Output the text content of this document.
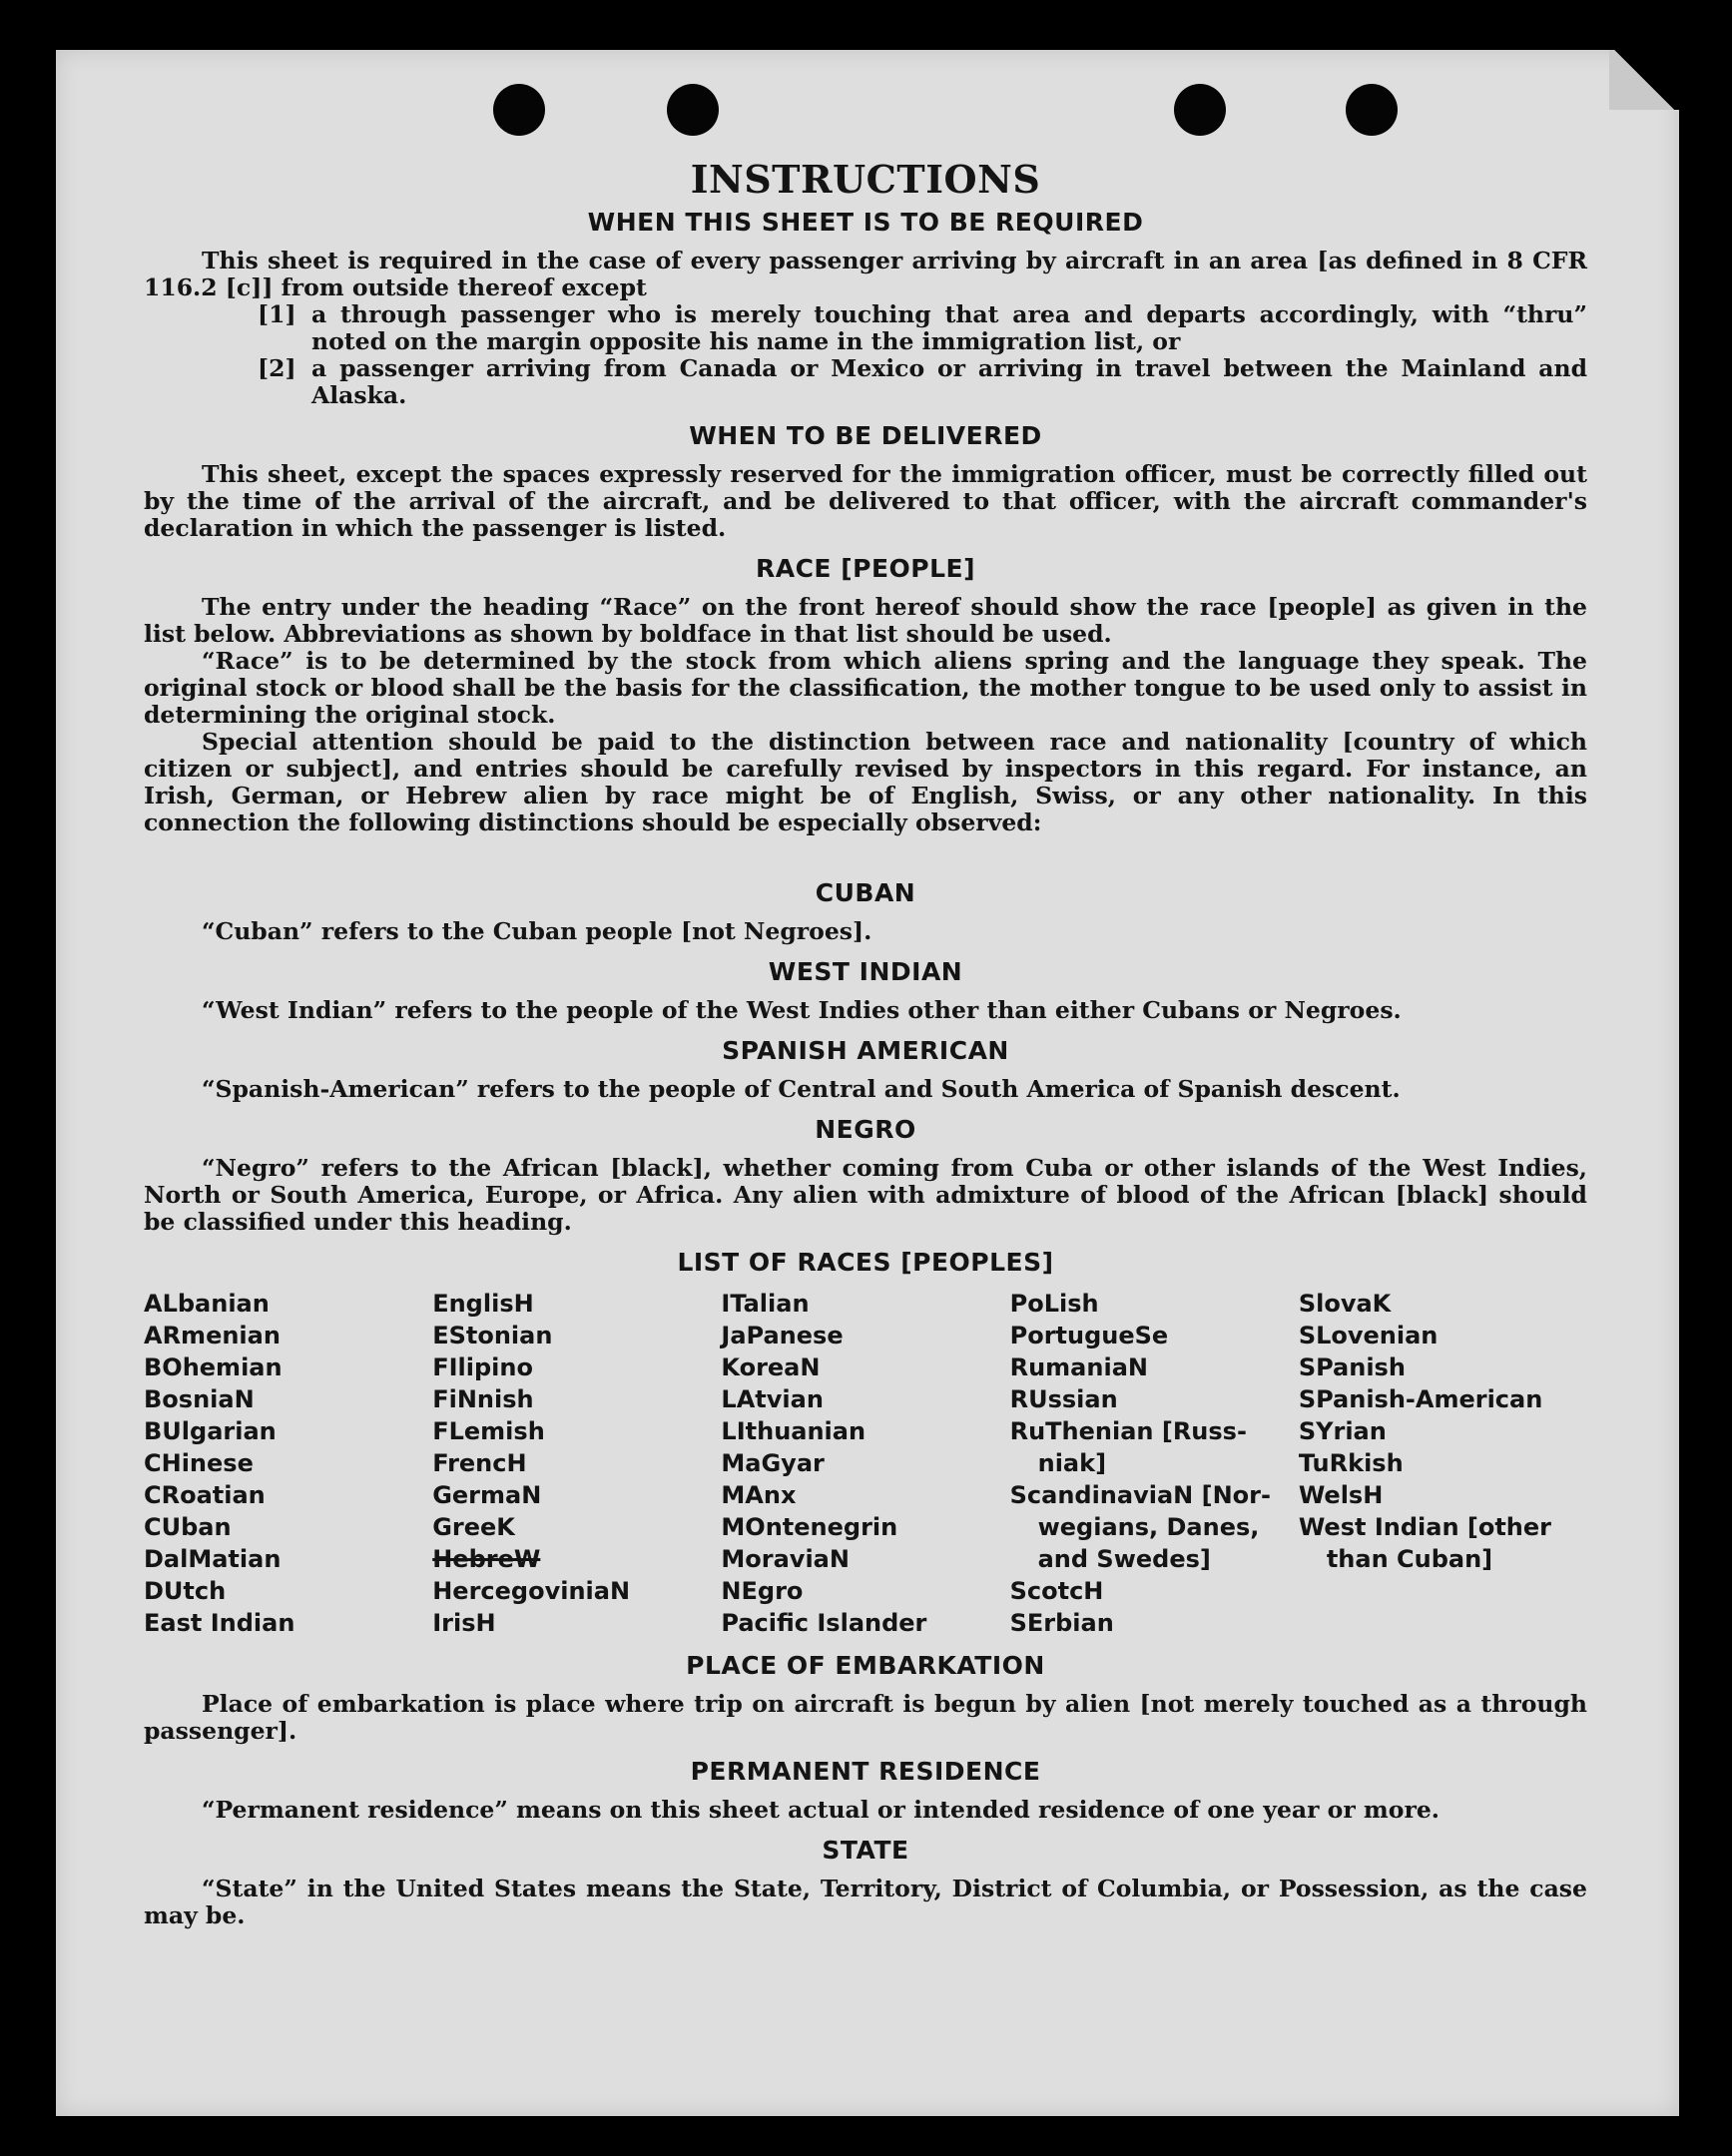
INSTRUCTIONS
WHEN THIS SHEET IS TO BE REQUIRED

This sheet is required in the case of every passenger arriving by aircraft in an area [as defined in 8 CFR 116.2 [c]] from outside thereof except

[1] a through passenger who is merely touching that area and departs accordingly, with “thru” noted on the margin opposite his name in the immigration list, or
[2] a passenger arriving from Canada or Mexico or arriving in travel between the Mainland and Alaska.
WHEN TO BE DELIVERED

This sheet, except the spaces expressly reserved for the immigration officer, must be correctly filled out by the time of the arrival of the aircraft, and be delivered to that officer, with the aircraft commander's declaration in which the passenger is listed.

RACE [PEOPLE]

The entry under the heading “Race” on the front hereof should show the race [people] as given in the list below. Abbreviations as shown by boldface in that list should be used.

“Race” is to be determined by the stock from which aliens spring and the language they speak. The original stock or blood shall be the basis for the classification, the mother tongue to be used only to assist in determining the original stock.

Special attention should be paid to the distinction between race and nationality [country of which citizen or subject], and entries should be carefully revised by inspectors in this regard. For instance, an Irish, German, or Hebrew alien by race might be of English, Swiss, or any other nationality. In this connection the following distinctions should be especially observed:

CUBAN

“Cuban” refers to the Cuban people [not Negroes].

WEST INDIAN

“West Indian” refers to the people of the West Indies other than either Cubans or Negroes.

SPANISH AMERICAN

“Spanish-American” refers to the people of Central and South America of Spanish descent.

NEGRO

“Negro” refers to the African [black], whether coming from Cuba or other islands of the West Indies, North or South America, Europe, or Africa. Any alien with admixture of blood of the African [black] should be classified under this heading.

LIST OF RACES [PEOPLES]
ALbanian
ARmenian
BOhemian
BosniaN
BUlgarian
CHinese
CRoatian
CUban
DalMatian
DUtch
East Indian
EnglisH
EStonian
FIlipino
FiNnish
FLemish
FrencH
GermaN
GreeK
HebreW
HercegoviniaN
IrisH
ITalian
JaPanese
KoreaN
LAtvian
LIthuanian
MaGyar
MAnx
MOntenegrin
MoraviaN
NEgro
Pacific Islander
PoLish
PortugueSe
RumaniaN
RUssian
RuThenian [Russ-
niak]
ScandinaviaN [Nor-
wegians, Danes,
and Swedes]
ScotcH
SErbian
SlovaK
SLovenian
SPanish
SPanish-American
SYrian
TuRkish
WelsH
West Indian [other
than Cuban]
PLACE OF EMBARKATION

Place of embarkation is place where trip on aircraft is begun by alien [not merely touched as a through passenger].

PERMANENT RESIDENCE

“Permanent residence” means on this sheet actual or intended residence of one year or more.

STATE

“State” in the United States means the State, Territory, District of Columbia, or Possession, as the case may be.
